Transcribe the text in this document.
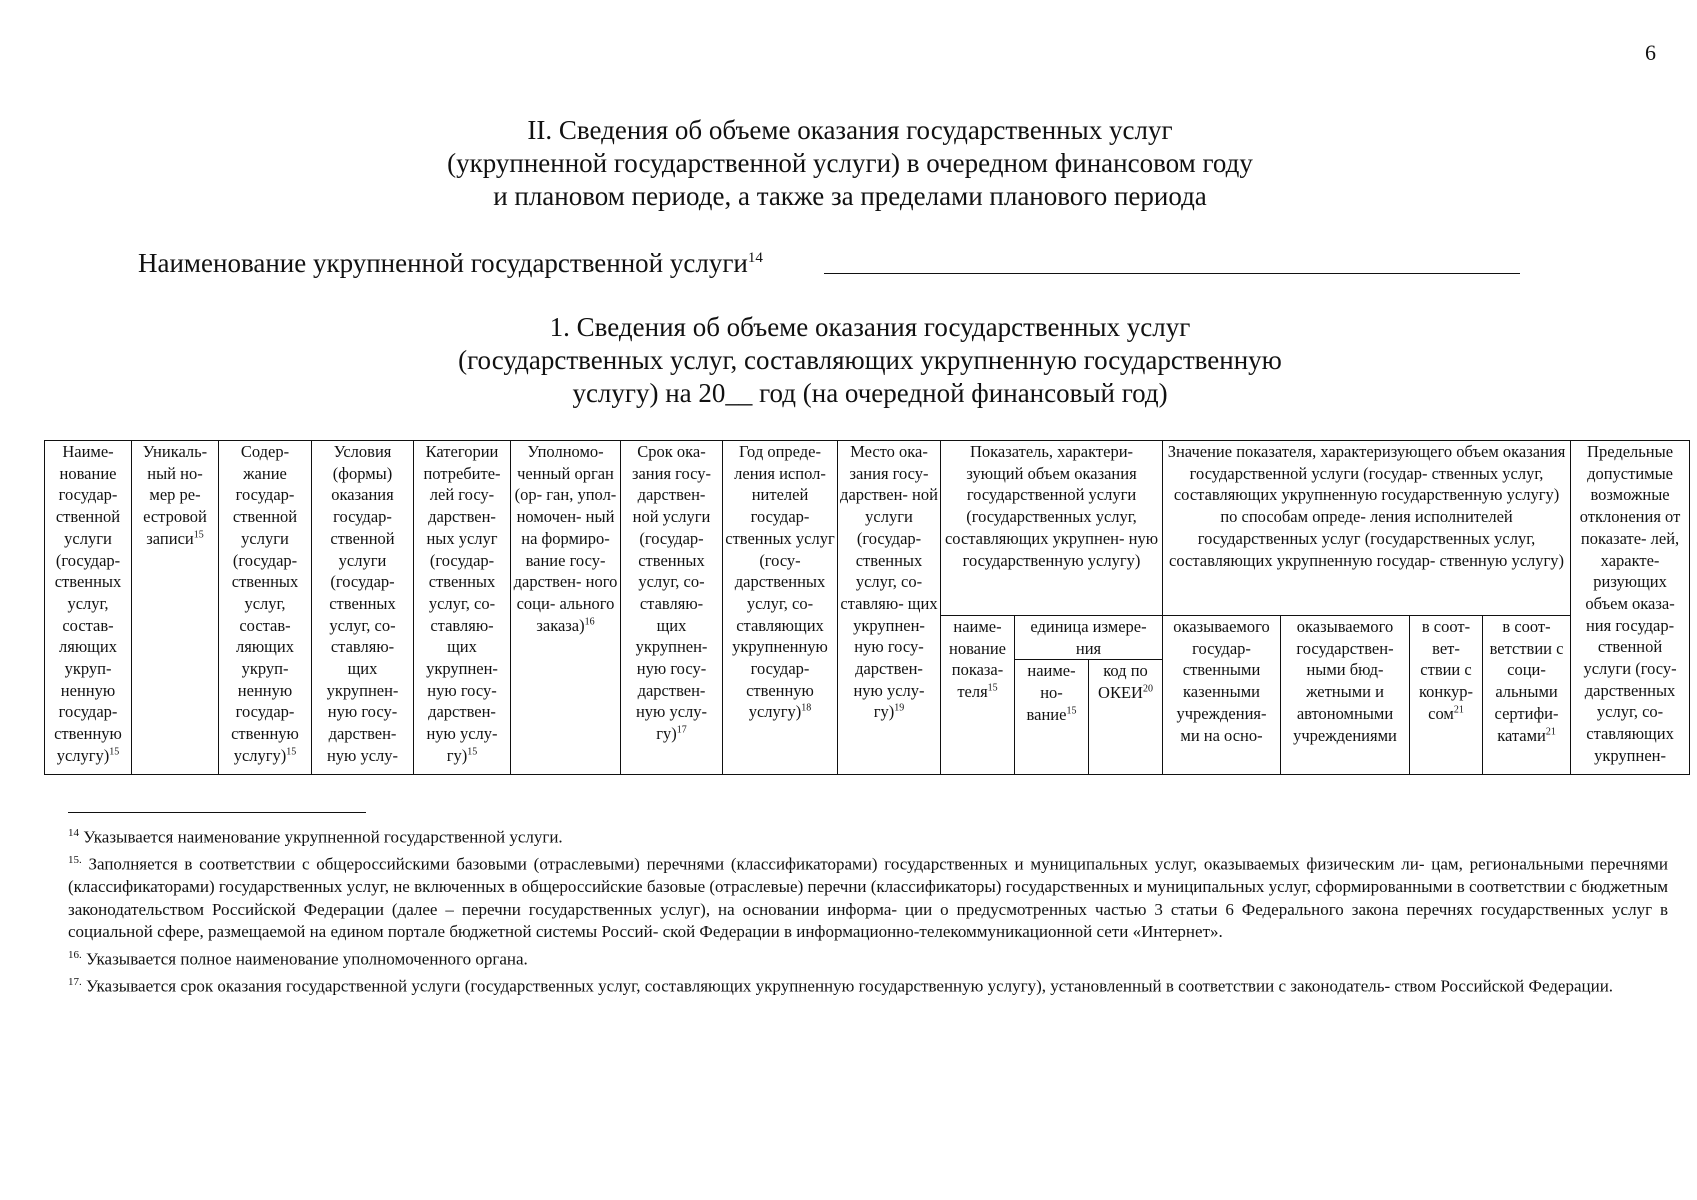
6
II. Сведения об объеме оказания государственных услуг
(укрупненной государственной услуги) в очередном финансовом году
и плановом периоде, а также за пределами планового периода
Наименование укрупненной государственной услуги$^{14}$
1. Сведения об объеме оказания государственных услуг
(государственных услуг, составляющих укрупненную государственную
услугу) на 20__ год (на очередной финансовый год)
Наиме- нование государ- ственной услуги (государ- ственных услуг, состав- ляющих укруп- ненную государ- ственную услугу)$^{15}$	Уникаль- ный но- мер ре- естровой записи$^{15}$	Содер- жание государ- ственной услуги (государ- ственных услуг, состав- ляющих укруп- ненную государ- ственную услугу)$^{15}$	Условия (формы) оказания государ- ственной услуги (государ- ственных услуг, со- ставляю- щих укрупнен- ную госу- дарствен- ную услу-	Категории потребите- лей госу- дарствен- ных услуг (государ- ственных услуг, со- ставляю- щих укрупнен- ную госу- дарствен- ную услу- гу)$^{15}$	Уполномо- ченный орган (ор- ган, упол- номочен- ный на формиро- вание госу- дарствен- ного соци- ального заказа)$^{16}$	Срок ока- зания госу- дарствен- ной услуги (государ- ственных услуг, со- ставляю- щих укрупнен- ную госу- дарствен- ную услу- гу)$^{17}$	Год опреде- ления испол- нителей государ- ственных услуг (госу- дарственных услуг, со- ставляющих укрупненную государ- ственную услугу)$^{18}$	Место ока- зания госу- дарствен- ной услуги (государ- ственных услуг, со- ставляю- щих укрупнен- ную госу- дарствен- ную услу- гу)$^{19}$	Показатель, характери- зующий объем оказания государственной услуги (государственных услуг, составляющих укрупнен- ную государственную услугу)			Значение показателя, характеризующего объем оказания государственной услуги (государ- ственных услуг, составляющих укрупненную государственную услугу) по способам опреде- ления исполнителей государственных услуг (государственных услуг, составляющих укрупненную государ- ственную услугу)				Предельные допустимые возможные отклонения от показате- лей, характе- ризующих объем оказа- ния государ- ственной услуги (госу- дарственных услуг, со- ставляющих укрупнен-
									наиме- нование показа- теля$^{15}$	единица измере- ния		оказываемого государ- ственными казенными учреждения- ми на осно-	оказываемого государствен- ными бюд- жетными и автономными учреждениями	в соот- вет- ствии с конкур- сом$^{21}$	в соот- ветствии с соци- альными сертифи- катами$^{21}$
										наиме- но- вание$^{15}$	код по ОКЕИ$^{20}$

$^{14}$ Указывается наименование укрупненной государственной услуги.

$^{15.}$ Заполняется в соответствии с общероссийскими базовыми (отраслевыми) перечнями (классификаторами) государственных и муниципальных услуг, оказываемых физическим ли- цам, региональными перечнями (классификаторами) государственных услуг, не включенных в общероссийские базовые (отраслевые) перечни (классификаторы) государственных и муниципальных услуг, сформированными в соответствии с бюджетным законодательством Российской Федерации (далее – перечни государственных услуг), на основании информа- ции о предусмотренных частью 3 статьи 6 Федерального закона перечнях государственных услуг в социальной сфере, размещаемой на едином портале бюджетной системы Россий- ской Федерации в информационно-телекоммуникационной сети «Интернет».

$^{16.}$ Указывается полное наименование уполномоченного органа.

$^{17.}$ Указывается срок оказания государственной услуги (государственных услуг, составляющих укрупненную государственную услугу), установленный в соответствии с законодатель- ством Российской Федерации.
